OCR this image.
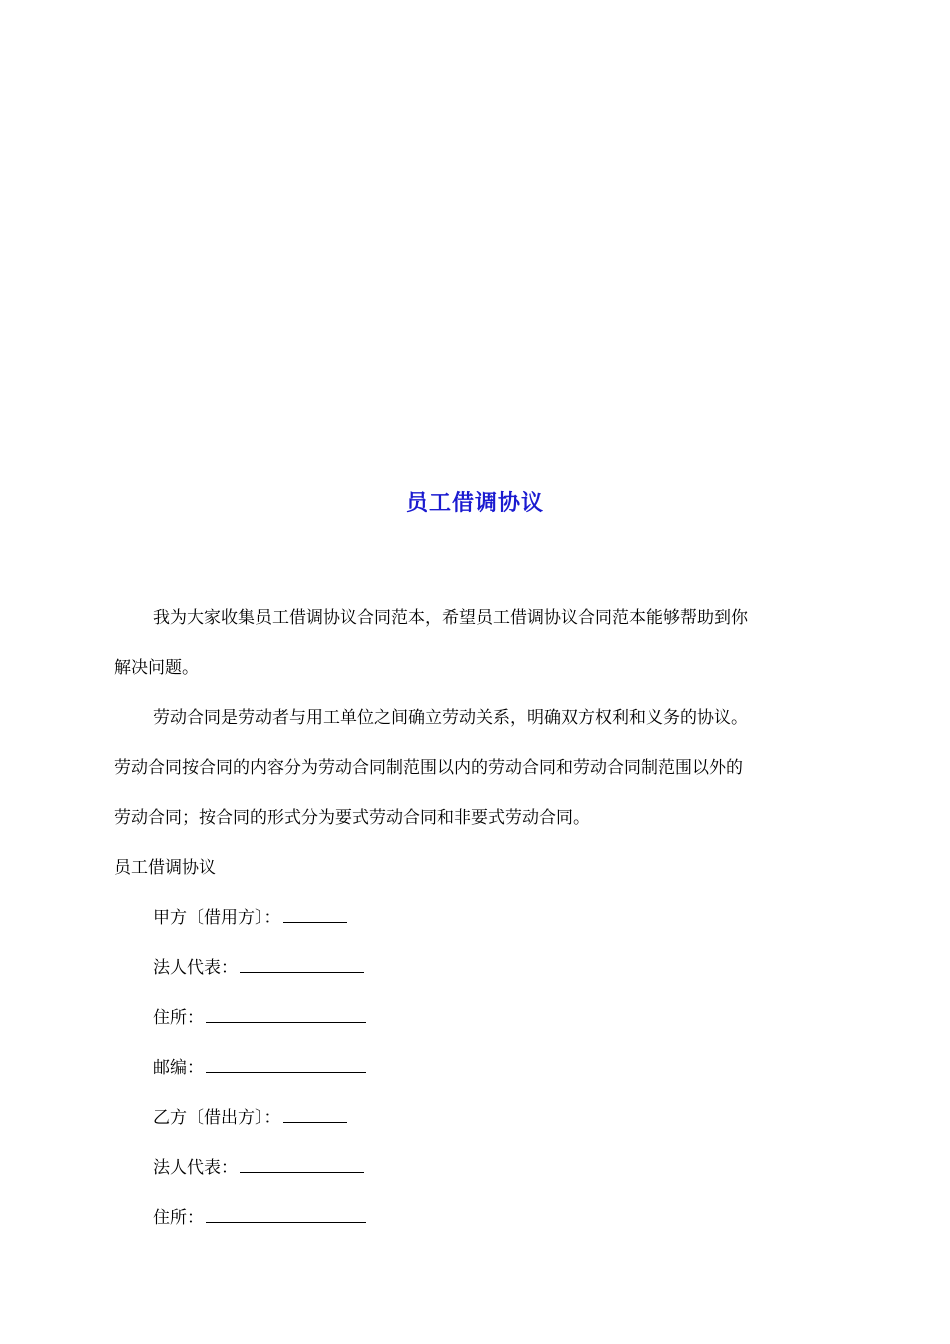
员工借调协议
我为大家收集员工借调协议合同范本，希望员工借调协议合同范本能够帮助到你
解决问题。
劳动合同是劳动者与用工单位之间确立劳动关系，明确双方权利和义务的协议。
劳动合同按合同的内容分为劳动合同制范围以内的劳动合同和劳动合同制范围以外的
劳动合同；按合同的形式分为要式劳动合同和非要式劳动合同。
员工借调协议
甲方〔借用方〕：
法人代表：
住所：
邮编：
乙方〔借出方〕：
法人代表：
住所：
